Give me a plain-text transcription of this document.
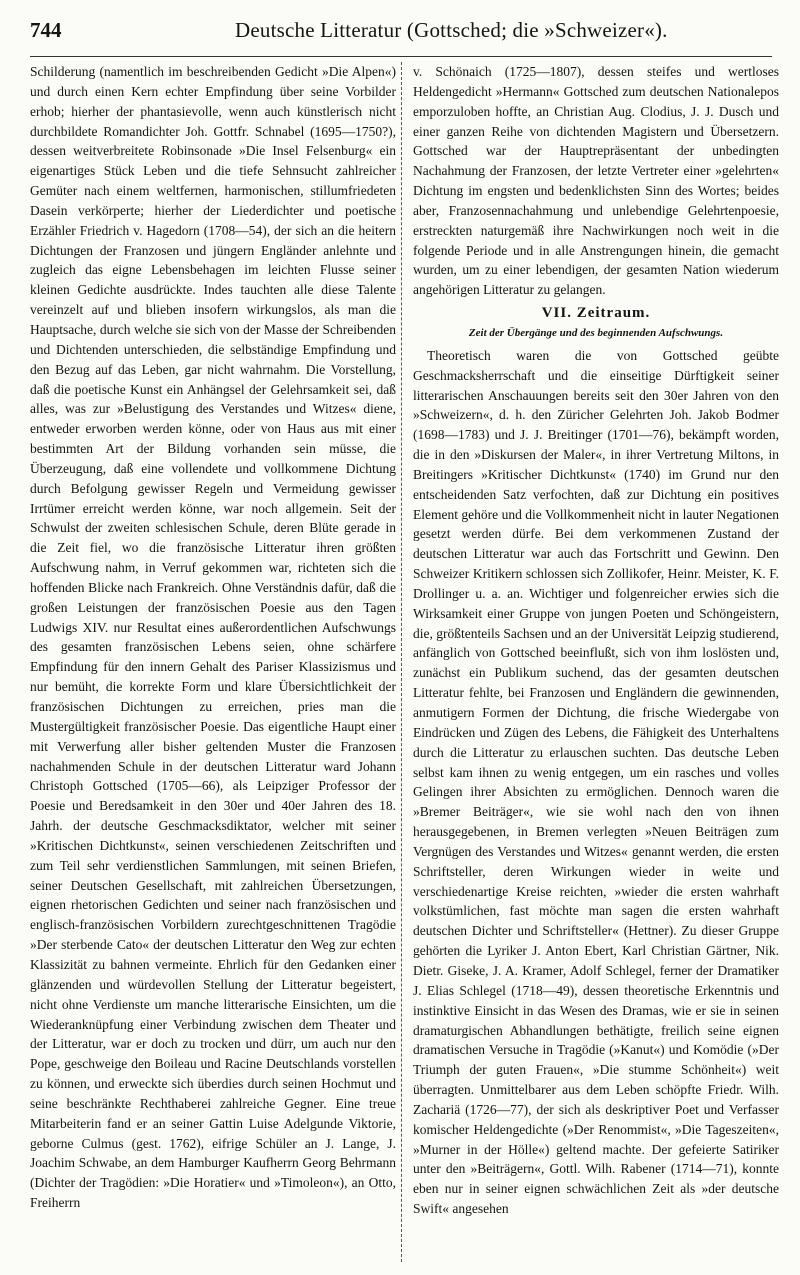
744	Deutsche Litteratur (Gottsched; die »Schweizer«).

Schilderung (namentlich im beschreibenden Gedicht »Die Alpen«) und durch einen Kern echter Empfindung über seine Vorbilder erhob; hierher der phantasievolle, wenn auch künstlerisch nicht durchbildete Romandichter Joh. Gottfr. Schnabel (1695—1750?), dessen weitverbreitete Robinsonade »Die Insel Felsenburg« ein eigenartiges Stück Leben und die tiefe Sehnsucht zahlreicher Gemüter nach einem weltfernen, harmonischen, stillumfriedeten Dasein verkörperte; hierher der Liederdichter und poetische Erzähler Friedrich v. Hagedorn (1708—54), der sich an die heitern Dichtungen der Franzosen und jüngern Engländer anlehnte und zugleich das eigne Lebensbehagen im leichten Flusse seiner kleinen Gedichte ausdrückte. Indes tauchten alle diese Talente vereinzelt auf und blieben insofern wirkungslos, als man die Hauptsache, durch welche sie sich von der Masse der Schreibenden und Dichtenden unterschieden, die selbständige Empfindung und den Bezug auf das Leben, gar nicht wahrnahm. Die Vorstellung, daß die poetische Kunst ein Anhängsel der Gelehrsamkeit sei, daß alles, was zur »Belustigung des Verstandes und Witzes« diene, entweder erworben werden könne, oder von Haus aus mit einer bestimmten Art der Bildung vorhanden sein müsse, die Überzeugung, daß eine vollendete und vollkommene Dichtung durch Befolgung gewisser Regeln und Vermeidung gewisser Irrtümer erreicht werden könne, war noch allgemein. Seit der Schwulst der zweiten schlesischen Schule, deren Blüte gerade in die Zeit fiel, wo die französische Litteratur ihren größten Aufschwung nahm, in Verruf gekommen war, richteten sich die hoffenden Blicke nach Frankreich. Ohne Verständnis dafür, daß die großen Leistungen der französischen Poesie aus den Tagen Ludwigs XIV. nur Resultat eines außerordentlichen Aufschwungs des gesamten französischen Lebens seien, ohne schärfere Empfindung für den innern Gehalt des Pariser Klassizismus und nur bemüht, die korrekte Form und klare Übersichtlichkeit der französischen Dichtungen zu erreichen, pries man die Mustergültigkeit französischer Poesie. Das eigentliche Haupt einer mit Verwerfung aller bisher geltenden Muster die Franzosen nachahmenden Schule in der deutschen Litteratur ward Johann Christoph Gottsched (1705—66), als Leipziger Professor der Poesie und Beredsamkeit in den 30er und 40er Jahren des 18. Jahrh. der deutsche Geschmacksdiktator, welcher mit seiner »Kritischen Dichtkunst«, seinen verschiedenen Zeitschriften und zum Teil sehr verdienstlichen Sammlungen, mit seinen Briefen, seiner Deutschen Gesellschaft, mit zahlreichen Übersetzungen, eignen rhetorischen Gedichten und seiner nach französischen und englisch-französischen Vorbildern zurechtgeschnittenen Tragödie »Der sterbende Cato« der deutschen Litteratur den Weg zur echten Klassizität zu bahnen vermeinte. Ehrlich für den Gedanken einer glänzenden und würdevollen Stellung der Litteratur begeistert, nicht ohne Verdienste um manche litterarische Einsichten, um die Wiederanknüpfung einer Verbindung zwischen dem Theater und der Litteratur, war er doch zu trocken und dürr, um auch nur den Pope, geschweige den Boileau und Racine Deutschlands vorstellen zu können, und erweckte sich überdies durch seinen Hochmut und seine beschränkte Rechthaberei zahlreiche Gegner. Eine treue Mitarbeiterin fand er an seiner Gattin Luise Adelgunde Viktorie, geborne Culmus (gest. 1762), eifrige Schüler an J. Lange, J. Joachim Schwabe, an dem Hamburger Kaufherrn Georg Behrmann (Dichter der Tragödien: »Die Horatier« und »Timoleon«), an Otto, Freiherrn

v. Schönaich (1725—1807), dessen steifes und wertloses Heldengedicht »Hermann« Gottsched zum deutschen Nationalepos emporzuloben hoffte, an Christian Aug. Clodius, J. J. Dusch und einer ganzen Reihe von dichtenden Magistern und Übersetzern. Gottsched war der Hauptrepräsentant der unbedingten Nachahmung der Franzosen, der letzte Vertreter einer »gelehrten« Dichtung im engsten und bedenklichsten Sinn des Wortes; beides aber, Franzosennachahmung und unlebendige Gelehrtenpoesie, erstreckten naturgemäß ihre Nachwirkungen noch weit in die folgende Periode und in alle Anstrengungen hinein, die gemacht wurden, um zu einer lebendigen, der gesamten Nation wiederum angehörigen Litteratur zu gelangen.

VII. Zeitraum.
Zeit der Übergänge und des beginnenden Aufschwungs.

Theoretisch waren die von Gottsched geübte Geschmacksherrschaft und die einseitige Dürftigkeit seiner litterarischen Anschauungen bereits seit den 30er Jahren von den »Schweizern«, d. h. den Züricher Gelehrten Joh. Jakob Bodmer (1698—1783) und J. J. Breitinger (1701—76), bekämpft worden, die in den »Diskursen der Maler«, in ihrer Vertretung Miltons, in Breitingers »Kritischer Dichtkunst« (1740) im Grund nur den entscheidenden Satz verfochten, daß zur Dichtung ein positives Element gehöre und die Vollkommenheit nicht in lauter Negationen gesetzt werden dürfe. Bei dem verkommenen Zustand der deutschen Litteratur war auch das Fortschritt und Gewinn. Den Schweizer Kritikern schlossen sich Zollikofer, Heinr. Meister, K. F. Drollinger u. a. an. Wichtiger und folgenreicher erwies sich die Wirksamkeit einer Gruppe von jungen Poeten und Schöngeistern, die, größtenteils Sachsen und an der Universität Leipzig studierend, anfänglich von Gottsched beeinflußt, sich von ihm loslösten und, zunächst ein Publikum suchend, das der gesamten deutschen Litteratur fehlte, bei Franzosen und Engländern die gewinnenden, anmutigern Formen der Dichtung, die frische Wiedergabe von Eindrücken und Zügen des Lebens, die Fähigkeit des Unterhaltens durch die Litteratur zu erlauschen suchten. Das deutsche Leben selbst kam ihnen zu wenig entgegen, um ein rasches und volles Gelingen ihrer Absichten zu ermöglichen. Dennoch waren die »Bremer Beiträger«, wie sie wohl nach den von ihnen herausgegebenen, in Bremen verlegten »Neuen Beiträgen zum Vergnügen des Verstandes und Witzes« genannt werden, die ersten Schriftsteller, deren Wirkungen wieder in weite und verschiedenartige Kreise reichten, »wieder die ersten wahrhaft volkstümlichen, fast möchte man sagen die ersten wahrhaft deutschen Dichter und Schriftsteller« (Hettner). Zu dieser Gruppe gehörten die Lyriker J. Anton Ebert, Karl Christian Gärtner, Nik. Dietr. Giseke, J. A. Kramer, Adolf Schlegel, ferner der Dramatiker J. Elias Schlegel (1718—49), dessen theoretische Erkenntnis und instinktive Einsicht in das Wesen des Dramas, wie er sie in seinen dramaturgischen Abhandlungen bethätigte, freilich seine eignen dramatischen Versuche in Tragödie (»Kanut«) und Komödie (»Der Triumph der guten Frauen«, »Die stumme Schönheit«) weit überragten. Unmittelbarer aus dem Leben schöpfte Friedr. Wilh. Zachariä (1726—77), der sich als deskriptiver Poet und Verfasser komischer Heldengedichte (»Der Renommist«, »Die Tageszeiten«, »Murner in der Hölle«) geltend machte. Der gefeierte Satiriker unter den »Beiträgern«, Gottl. Wilh. Rabener (1714—71), konnte eben nur in seiner eignen schwächlichen Zeit als »der deutsche Swift« angesehen
